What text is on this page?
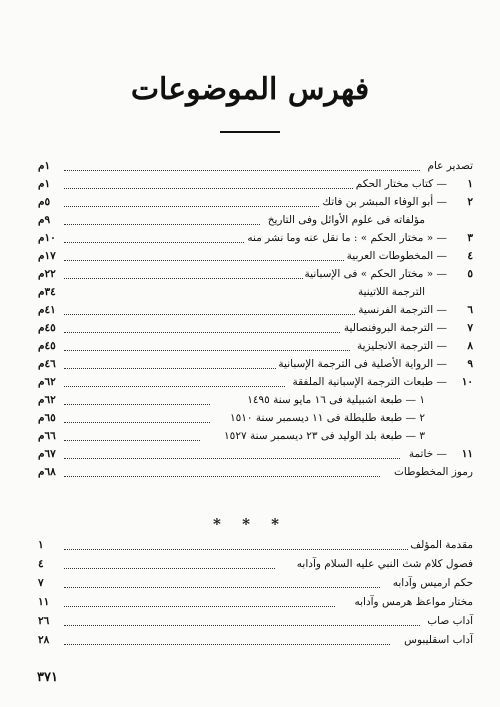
فهرس الموضوعات
تصدير عام
١م
١
— كتاب مختار الحكم
١م
٢
— أبو الوفاء المبشر بن فاتك
٥م
مؤلفاته فى علوم الأوائل وفى التاريخ
٩م
٣
— « مختار الحكم » : ما نقل عنه وما نشر منه
١٠م
٤
— المخطوطات العربية
١٧م
٥
— « مختار الحكم » فى الإسبانية
٢٢م
الترجمة اللاتينية
٣٤م
٦
— الترجمة الفرنسية
٤١م
٧
— الترجمة البروفنصالية
٤٥م
٨
— الترجمة الانجليزية
٤٥م
٩
— الرواية الأصلية فى الترجمة الإسبانية
٤٦م
١٠
— طبعات الترجمة الإسبانية الملفقة
٦٢م
١ — طبعة اشبيلية فى ١٦ مايو سنة ١٤٩٥
٦٢م
٢ — طبعة طليطلة فى ١١ ديسمبر سنة ١٥١٠
٦٥م
٣ — طبعة بلد الوليد فى ٢٣ ديسمبر سنة ١٥٢٧
٦٦م
١١
— خاتمة
٦٧م
رموز المخطوطات
٦٨م
* * *
مقدمة المؤلف
١
فصول كلام شث النبي عليه السلام وآدابه
٤
حكم ارميس وآدابه
٧
مختار مواعظ هرمس وآدابه
١١
آداب صاب
٢٦
آداب اسقليبوس
٢٨
٣٧١
